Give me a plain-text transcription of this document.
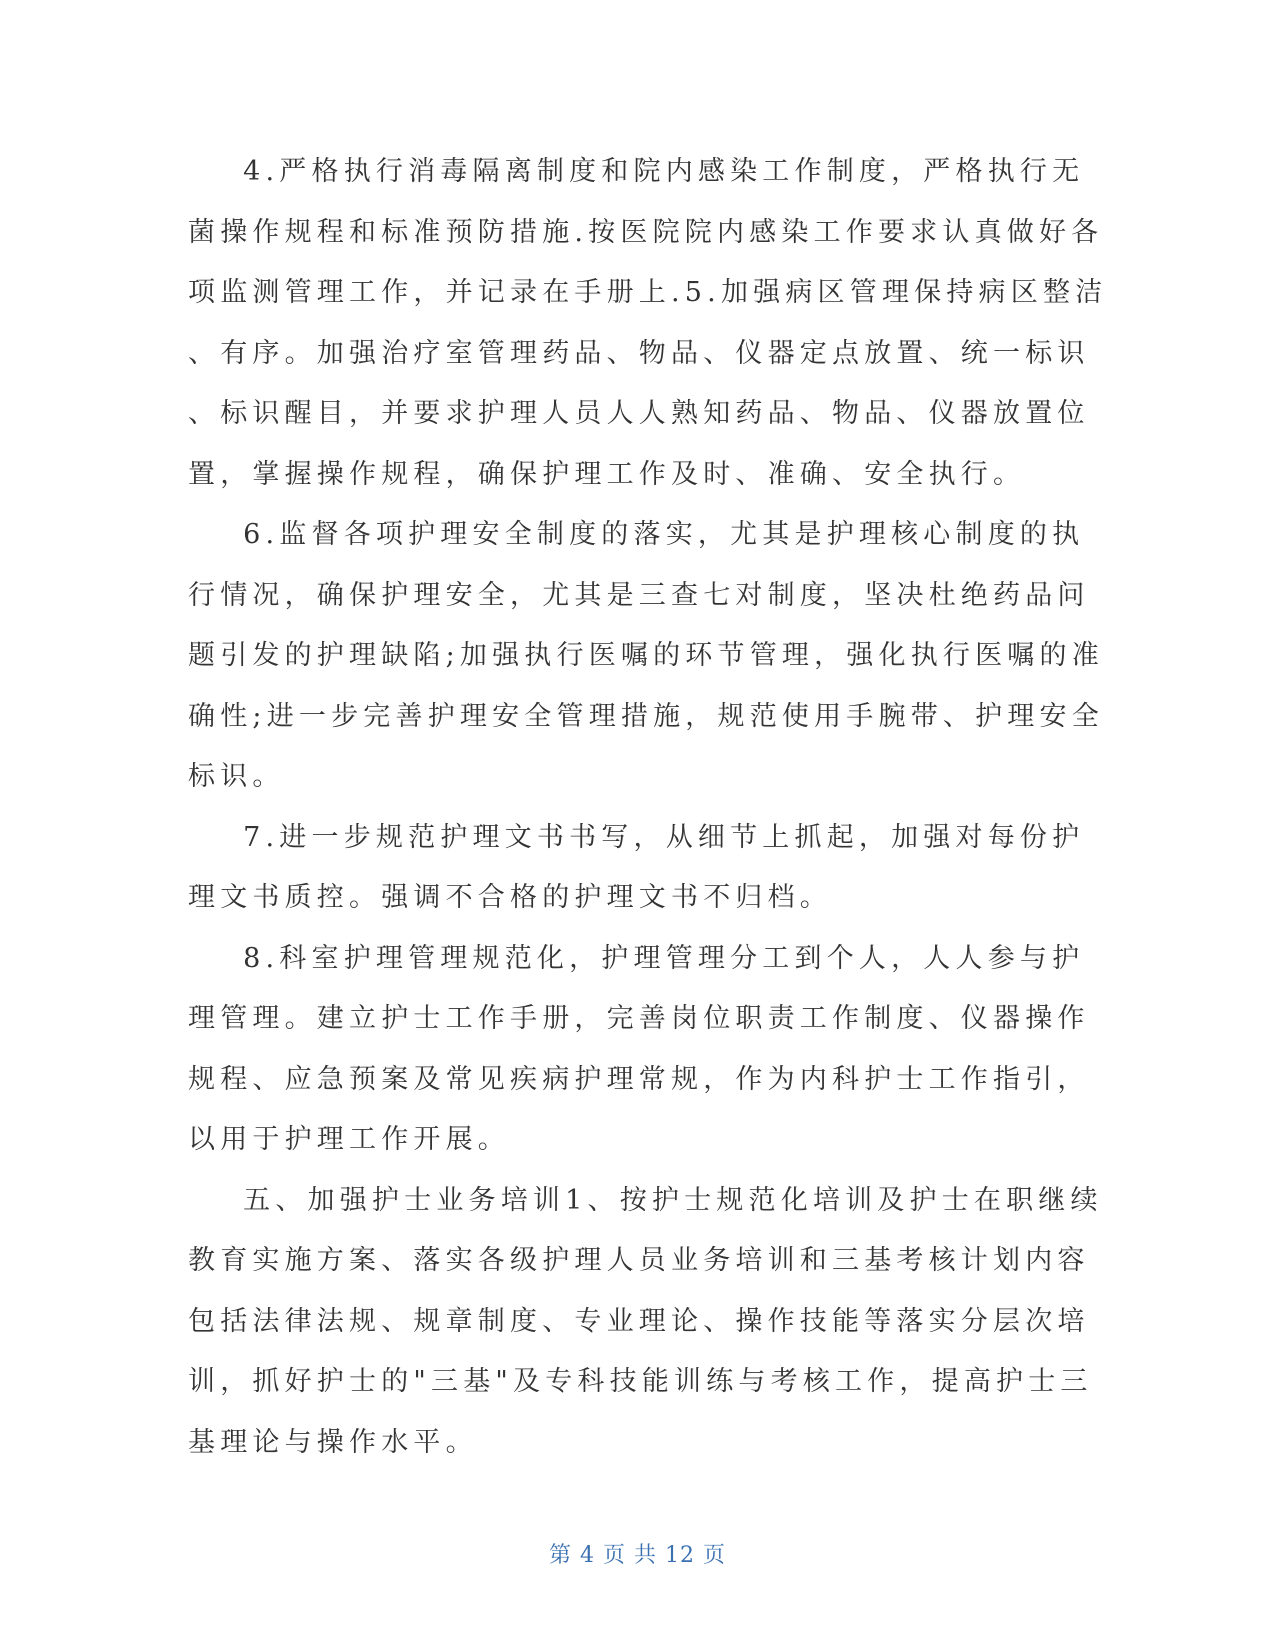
4.严格执行消毒隔离制度和院内感染工作制度，严格执行无
菌操作规程和标准预防措施.按医院院内感染工作要求认真做好各
项监测管理工作，并记录在手册上.5.加强病区管理保持病区整洁
、有序。加强治疗室管理药品、物品、仪器定点放置、统一标识
、标识醒目，并要求护理人员人人熟知药品、物品、仪器放置位
置，掌握操作规程，确保护理工作及时、准确、安全执行。
6.监督各项护理安全制度的落实，尤其是护理核心制度的执
行情况，确保护理安全，尤其是三查七对制度，坚决杜绝药品问
题引发的护理缺陷;加强执行医嘱的环节管理，强化执行医嘱的准
确性;进一步完善护理安全管理措施，规范使用手腕带、护理安全
标识。
7.进一步规范护理文书书写，从细节上抓起，加强对每份护
理文书质控。强调不合格的护理文书不归档。
8.科室护理管理规范化，护理管理分工到个人，人人参与护
理管理。建立护士工作手册，完善岗位职责工作制度、仪器操作
规程、应急预案及常见疾病护理常规，作为内科护士工作指引，
以用于护理工作开展。
五、加强护士业务培训1、按护士规范化培训及护士在职继续
教育实施方案、落实各级护理人员业务培训和三基考核计划内容
包括法律法规、规章制度、专业理论、操作技能等落实分层次培
训，抓好护士的"三基"及专科技能训练与考核工作，提高护士三
基理论与操作水平。
第 4 页 共 12 页
